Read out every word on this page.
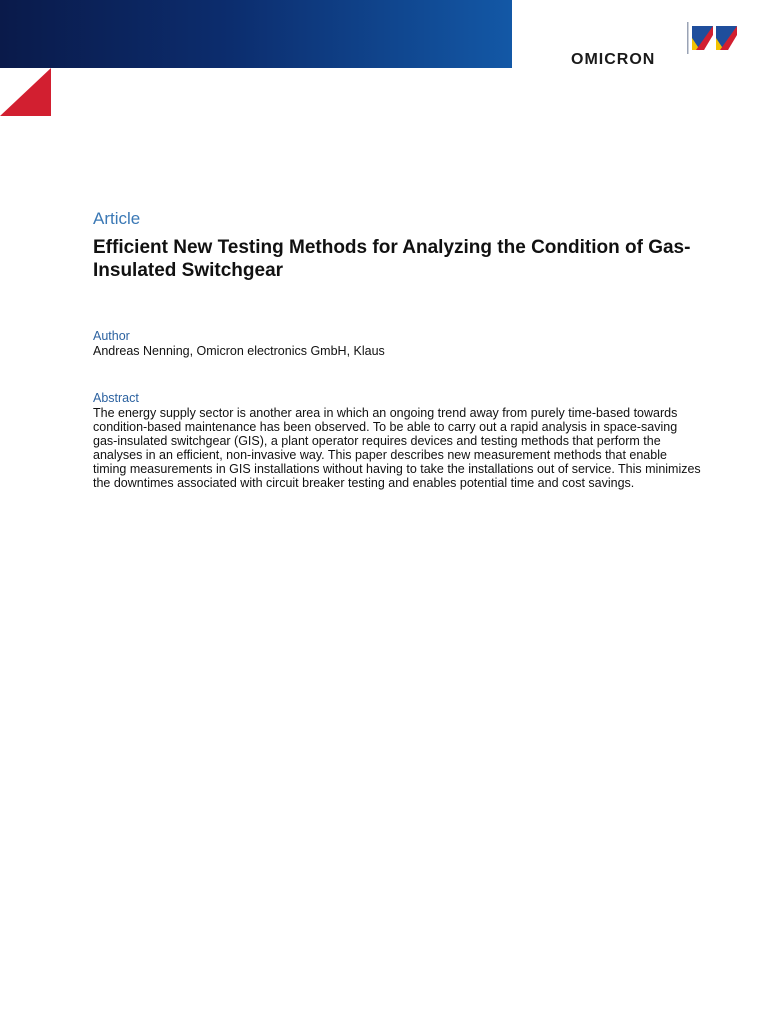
OMICRON

Article

Efficient New Testing Methods for Analyzing the Condition of Gas-Insulated Switchgear

Author

Andreas Nenning, Omicron electronics GmbH, Klaus

Abstract

The energy supply sector is another area in which an ongoing trend away from purely time-based towards condition-based maintenance has been observed. To be able to carry out a rapid analysis in space-saving gas-insulated switchgear (GIS), a plant operator requires devices and testing methods that perform the analyses in an efficient, non-invasive way. This paper describes new measurement methods that enable timing measurements in GIS installations without having to take the installations out of service. This minimizes the downtimes associated with circuit breaker testing and enables potential time and cost savings.
